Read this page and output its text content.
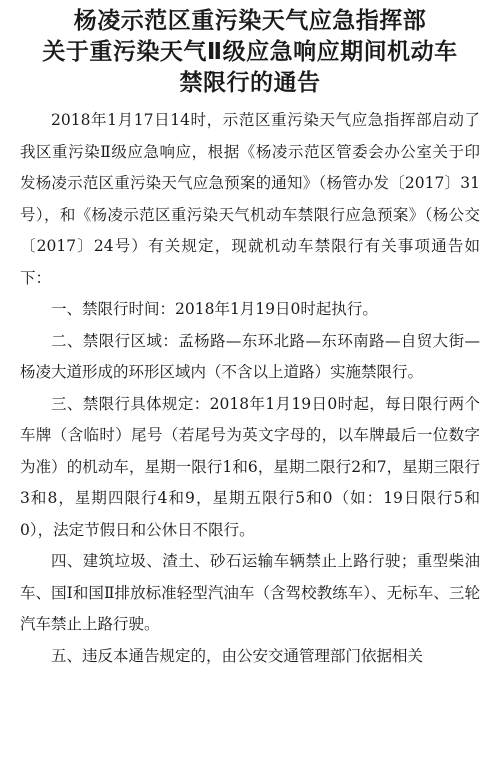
杨凌示范区重污染天气应急指挥部
关于重污染天气Ⅱ级应急响应期间机动车
禁限行的通告

2018年1月17日14时，示范区重污染天气应急指挥部启动了我区重污染Ⅱ级应急响应，根据《杨凌示范区管委会办公室关于印发杨凌示范区重污染天气应急预案的通知》（杨管办发〔2017〕31号），和《杨凌示范区重污染天气机动车禁限行应急预案》（杨公交〔2017〕24号）有关规定，现就机动车禁限行有关事项通告如下：

一、禁限行时间：2018年1月19日0时起执行。

二、禁限行区域：孟杨路—东环北路—东环南路—自贸大街—杨凌大道形成的环形区域内（不含以上道路）实施禁限行。

三、禁限行具体规定：2018年1月19日0时起，每日限行两个车牌（含临时）尾号（若尾号为英文字母的，以车牌最后一位数字为准）的机动车，星期一限行1和6，星期二限行2和7，星期三限行3和8，星期四限行4和9，星期五限行5和0（如：19日限行5和0），法定节假日和公休日不限行。

四、建筑垃圾、渣土、砂石运输车辆禁止上路行驶；重型柴油车、国Ⅰ和国Ⅱ排放标准轻型汽油车（含驾校教练车）、无标车、三轮汽车禁止上路行驶。

五、违反本通告规定的，由公安交通管理部门依据相关
